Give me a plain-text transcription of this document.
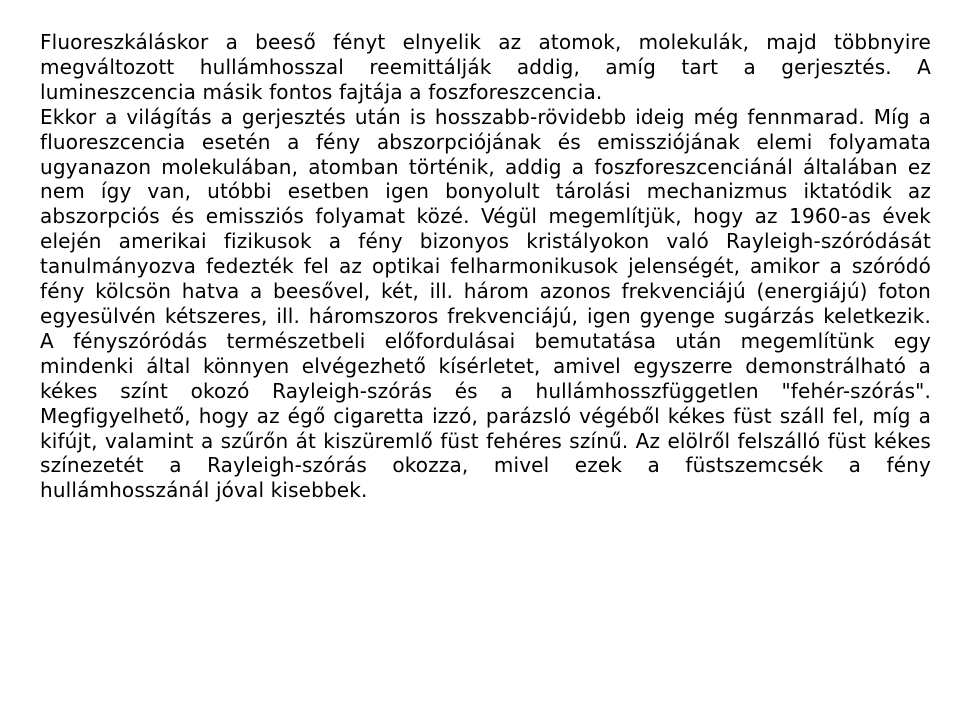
Fluoreszkáláskor a beeső fényt elnyelik az atomok, molekulák, majd többnyire megváltozott hullámhosszal reemittálják addig, amíg tart a gerjesztés. A lumineszcencia másik fontos fajtája a foszforeszcencia.

Ekkor a világítás a gerjesztés után is hosszabb-rövidebb ideig még fennmarad. Míg a fluoreszcencia esetén a fény abszorpciójának és emissziójának elemi folyamata ugyanazon molekulában, atomban történik, addig a foszforeszcenciánál általában ez nem így van, utóbbi esetben igen bonyolult tárolási mechanizmus iktatódik az abszorpciós és emissziós folyamat közé. Végül megemlítjük, hogy az 1960-as évek elején amerikai fizikusok a fény bizonyos kristályokon való Rayleigh-szóródását tanulmányozva fedezték fel az optikai felharmonikusok jelenségét, amikor a szóródó fény kölcsön hatva a beesővel, két, ill. három azonos frekvenciájú (energiájú) foton egyesülvén kétszeres, ill. háromszoros frekvenciájú, igen gyenge sugárzás keletkezik. A fényszóródás természetbeli előfordulásai bemutatása után megemlítünk egy mindenki által könnyen elvégezhető kísérletet, amivel egyszerre demonstrálható a kékes színt okozó Rayleigh-szórás és a hullámhosszfüggetlen "fehér-szórás". Megfigyelhető, hogy az égő cigaretta izzó, parázsló végéből kékes füst száll fel, míg a kifújt, valamint a szűrőn át kiszüremlő füst fehéres színű. Az elölről felszálló füst kékes színezetét a Rayleigh-szórás okozza, mivel ezek a füstszemcsék a fény hullámhosszánál jóval kisebbek.
